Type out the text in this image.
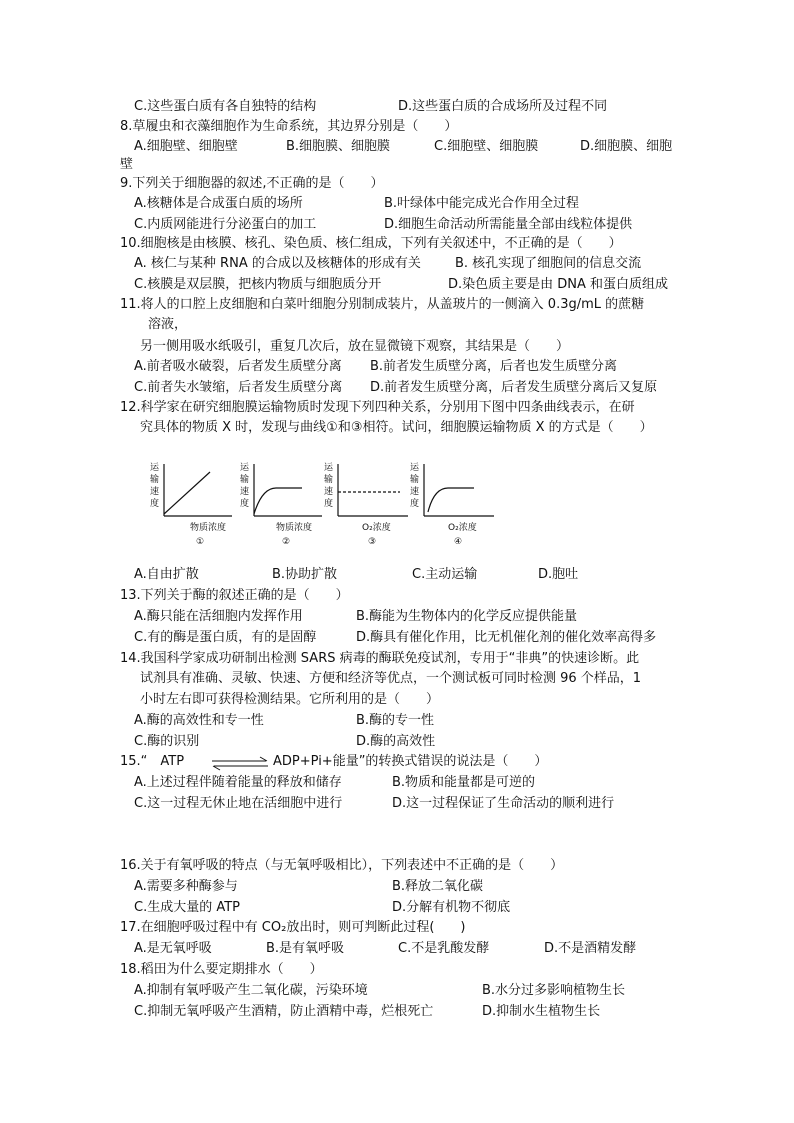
C.这些蛋白质有各自独特的结构	D.这些蛋白质的合成场所及过程不同
8.草履虫和衣藻细胞作为生命系统，其边界分别是（　　）
A.细胞壁、细胞壁	B.细胞膜、细胞膜	C.细胞壁、细胞膜	D.细胞膜、细胞
壁
9.下列关于细胞器的叙述,不正确的是（　　）
A.核糖体是合成蛋白质的场所	B.叶绿体中能完成光合作用全过程
C.内质网能进行分泌蛋白的加工	D.细胞生命活动所需能量全部由线粒体提供
10.细胞核是由核膜、核孔、染色质、核仁组成，下列有关叙述中，不正确的是（　　）
A. 核仁与某种 RNA 的合成以及核糖体的形成有关	B. 核孔实现了细胞间的信息交流
C.核膜是双层膜，把核内物质与细胞质分开	D.染色质主要是由 DNA 和蛋白质组成
11.将人的口腔上皮细胞和白菜叶细胞分别制成装片，从盖玻片的一侧滴入 0.3g/mL 的蔗糖
溶液，
另一侧用吸水纸吸引，重复几次后，放在显微镜下观察，其结果是（　　）
A.前者吸水破裂，后者发生质壁分离 B.前者发生质壁分离，后者也发生质壁分离
C.前者失水皱缩，后者发生质壁分离 D.前者发生质壁分离，后者发生质壁分离后又复原
12.科学家在研究细胞膜运输物质时发现下列四种关系，分别用下图中四条曲线表示，在研
究具体的物质 X 时，发现与曲线①和③相符。试问，细胞膜运输物质 X 的方式是（　　）
运
输
速
度
物质浓度
①
运
输
速
度
物质浓度
②
运
输
速
度
O₂浓度
③
运
输
速
度
O₂浓度
④
A.自由扩散	B.协助扩散	C.主动运输	D.胞吐
13.下列关于酶的叙述正确的是（　　）
A.酶只能在活细胞内发挥作用	B.酶能为生物体内的化学反应提供能量
C.有的酶是蛋白质，有的是固醇	D.酶具有催化作用，比无机催化剂的催化效率高得多
14.我国科学家成功研制出检测 SARS 病毒的酶联免疫试剂，专用于“非典”的快速诊断。此
试剂具有准确、灵敏、快速、方便和经济等优点，一个测试板可同时检测 96 个样品，1
小时左右即可获得检测结果。它所利用的是（　　）
A.酶的高效性和专一性	B.酶的专一性
C.酶的识别	D.酶的高效性
15.“　ATP	ADP+Pi+能量”的转换式错误的说法是（　　）
A.上述过程伴随着能量的释放和储存	B.物质和能量都是可逆的
C.这一过程无休止地在活细胞中进行	D.这一过程保证了生命活动的顺利进行
16.关于有氧呼吸的特点（与无氧呼吸相比），下列表述中不正确的是（　　）
A.需要多种酶参与	B.释放二氧化碳
C.生成大量的 ATP	D.分解有机物不彻底
17.在细胞呼吸过程中有 CO₂放出时，则可判断此过程(　　)
A.是无氧呼吸	B.是有氧呼吸	C.不是乳酸发酵	D.不是酒精发酵
18.稻田为什么要定期排水（　　）
A.抑制有氧呼吸产生二氧化碳，污染环境	B.水分过多影响植物生长
C.抑制无氧呼吸产生酒精，防止酒精中毒，烂根死亡	D.抑制水生植物生长
